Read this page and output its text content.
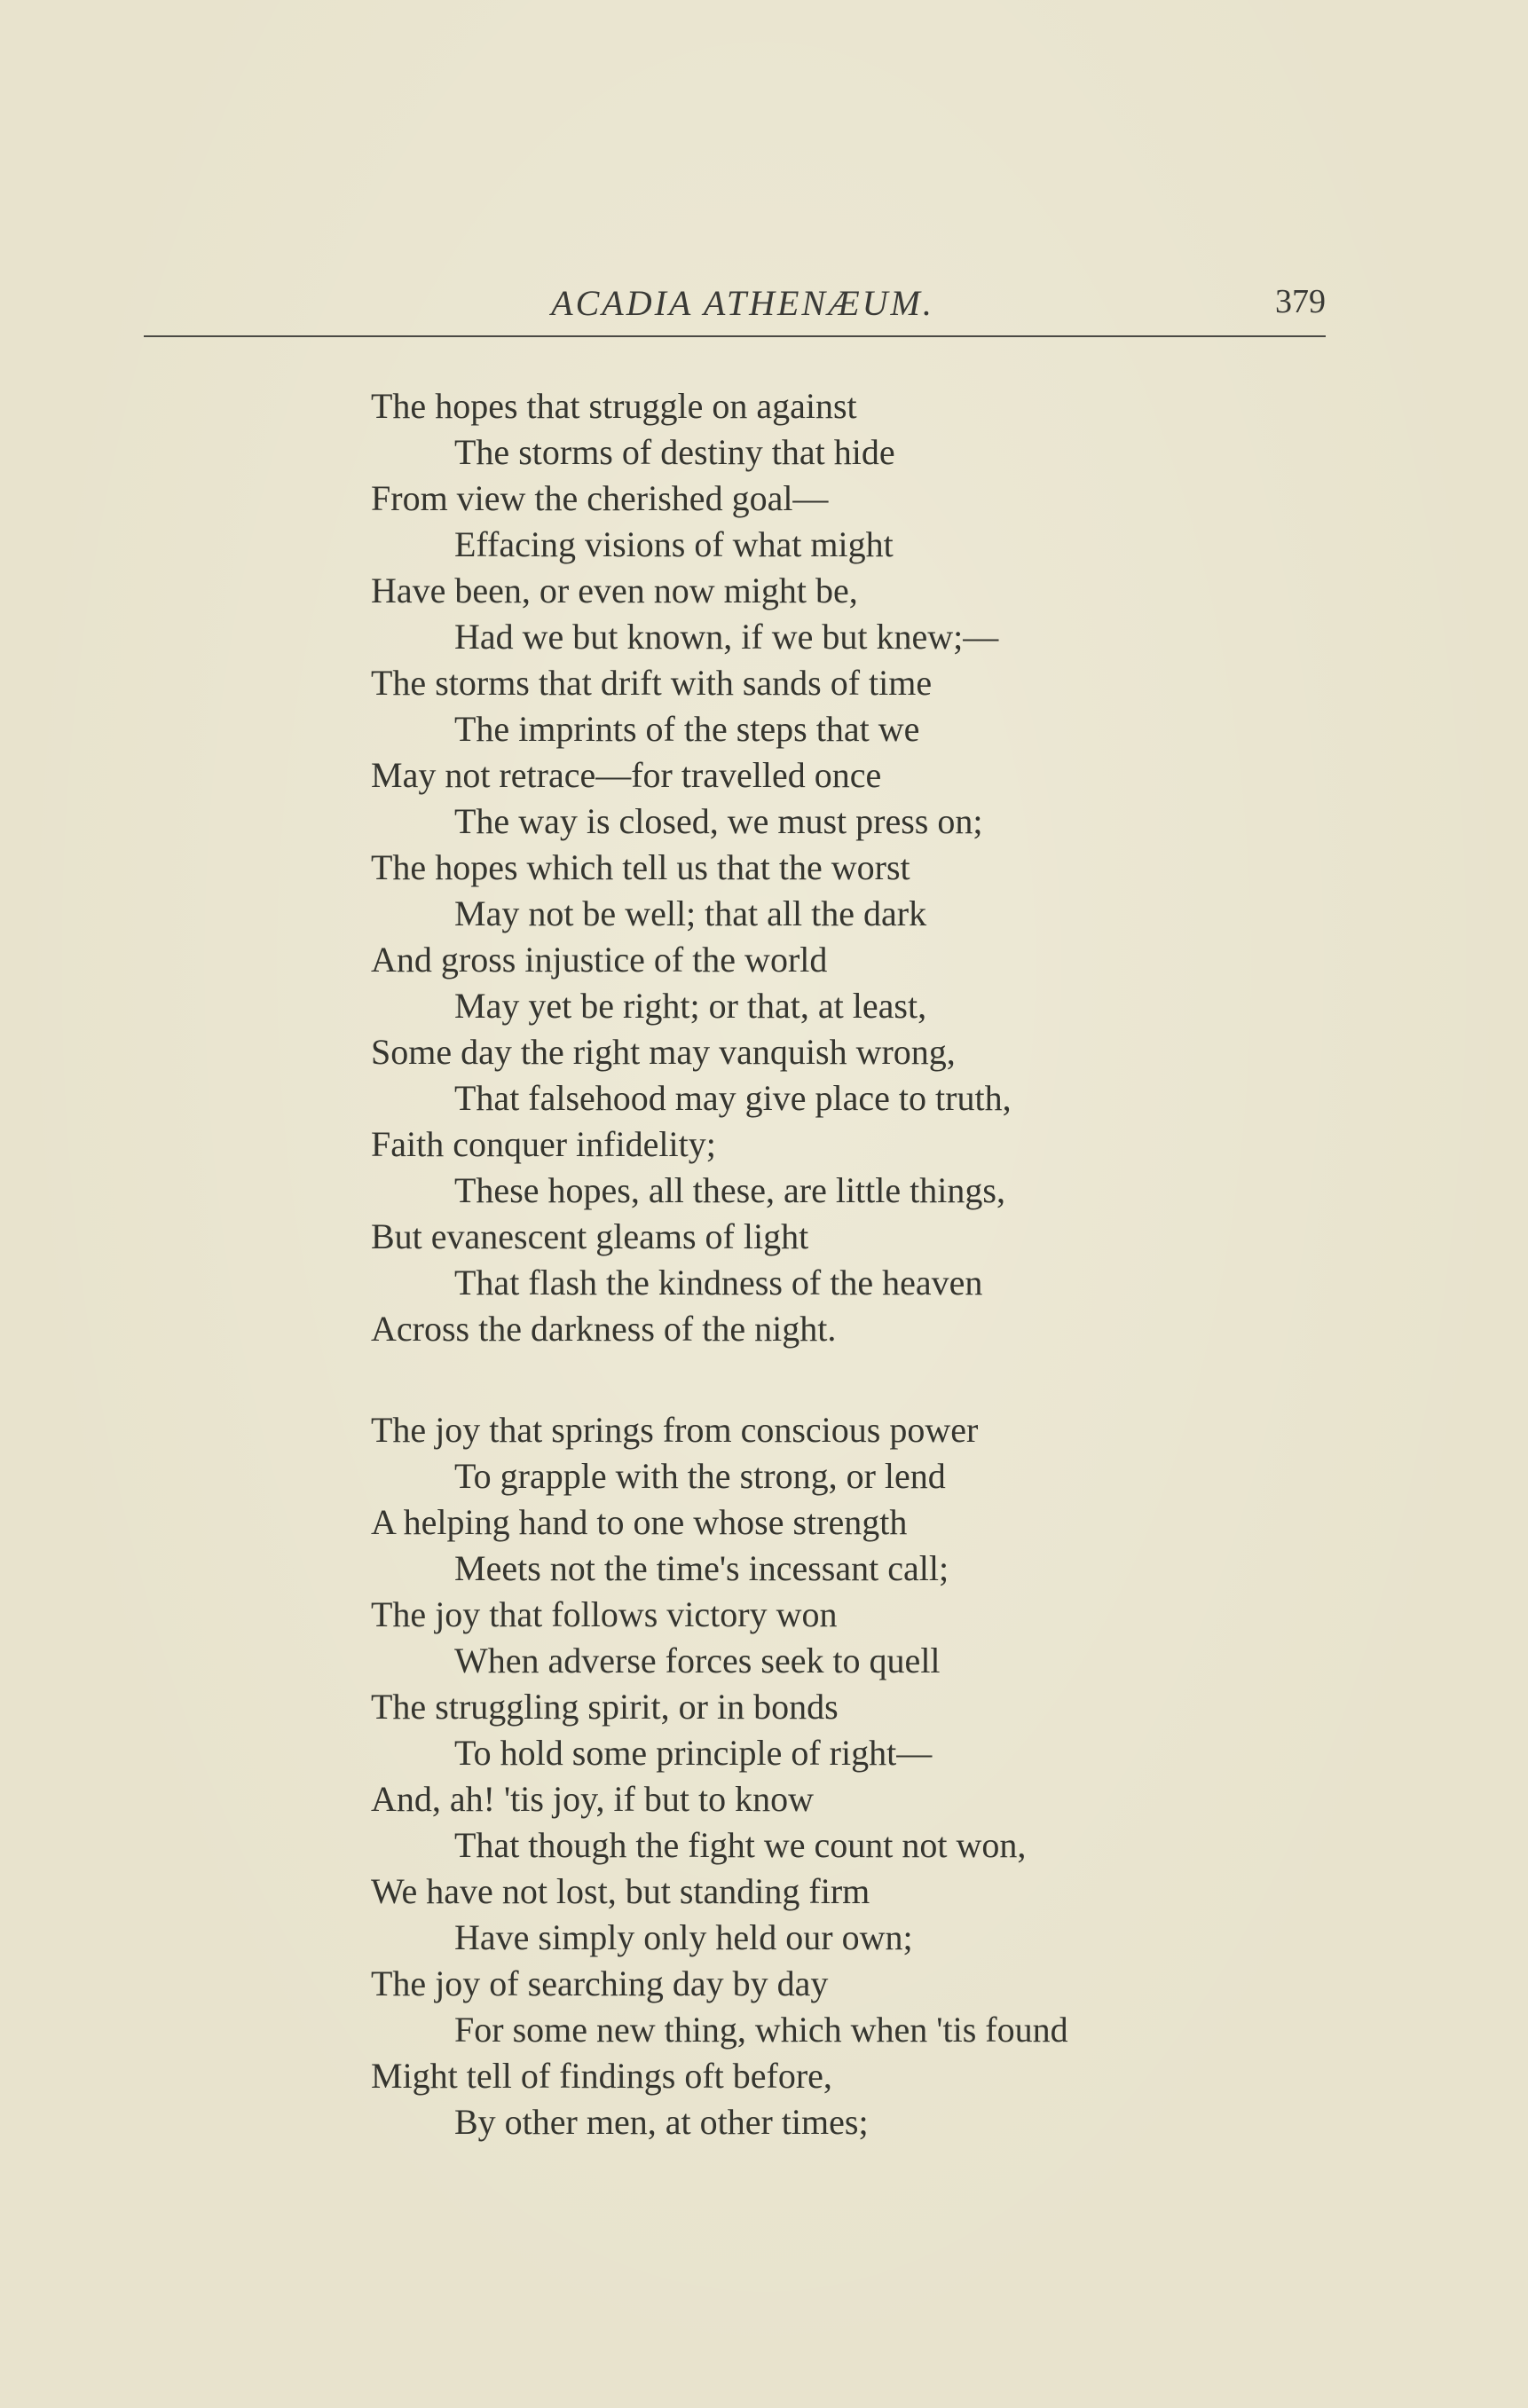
ACADIA ATHENÆUM.	379
The hopes that struggle on against
The storms of destiny that hide
From view the cherished goal—
Effacing visions of what might
Have been, or even now might be,
Had we but known, if we but knew;—
The storms that drift with sands of time
The imprints of the steps that we
May not retrace—for travelled once
The way is closed, we must press on;
The hopes which tell us that the worst
May not be well; that all the dark
And gross injustice of the world
May yet be right; or that, at least,
Some day the right may vanquish wrong,
That falsehood may give place to truth,
Faith conquer infidelity;
These hopes, all these, are little things,
But evanescent gleams of light
That flash the kindness of the heaven
Across the darkness of the night.
The joy that springs from conscious power
To grapple with the strong, or lend
A helping hand to one whose strength
Meets not the time's incessant call;
The joy that follows victory won
When adverse forces seek to quell
The struggling spirit, or in bonds
To hold some principle of right—
And, ah! 'tis joy, if but to know
That though the fight we count not won,
We have not lost, but standing firm
Have simply only held our own;
The joy of searching day by day
For some new thing, which when 'tis found
Might tell of findings oft before,
By other men, at other times;
